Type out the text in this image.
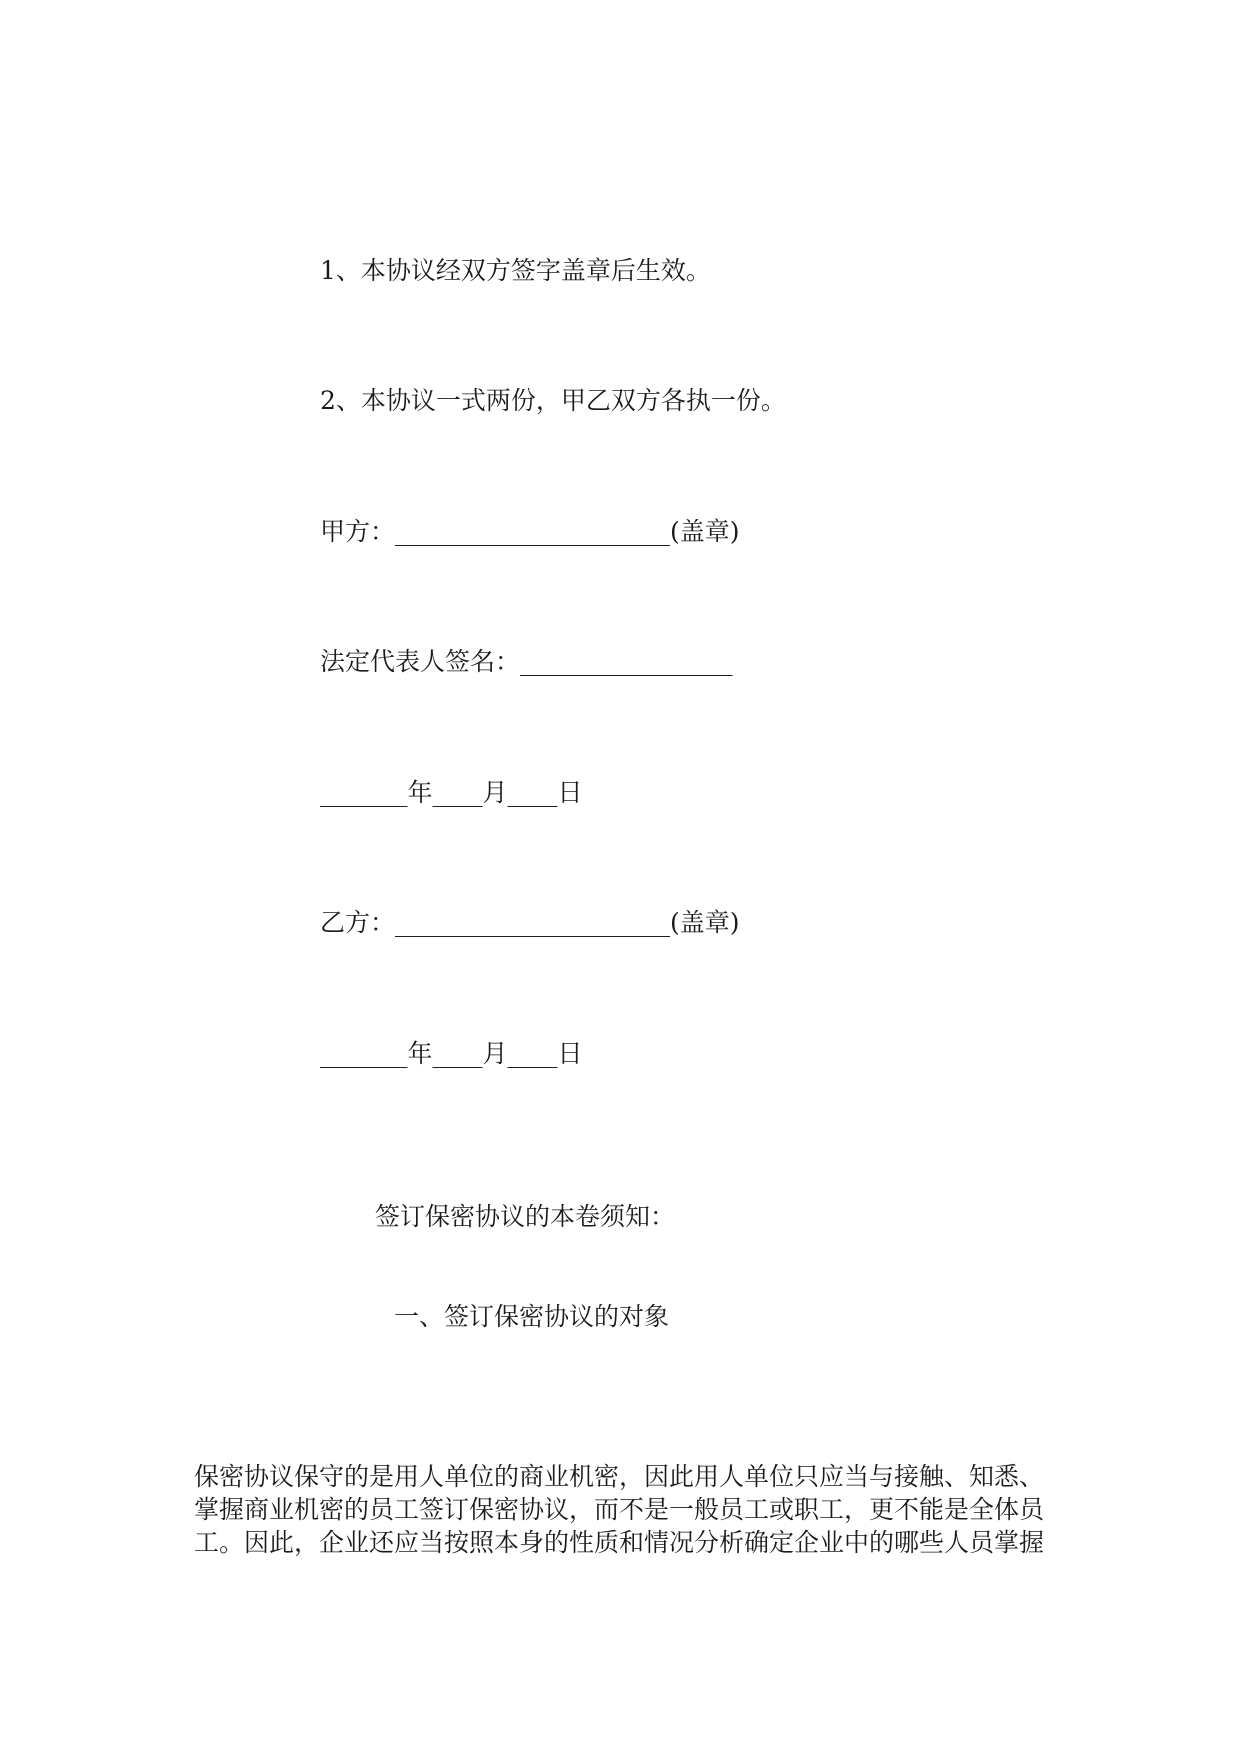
1、本协议经双方签字盖章后生效。
2、本协议一式两份，甲乙双方各执一份。
甲方：______________________(盖章)
法定代表人签名：_________________
_______年____月____日
乙方：______________________(盖章)
_______年____月____日
签订保密协议的本卷须知：
一、签订保密协议的对象
保密协议保守的是用人单位的商业机密，因此用人单位只应当与接触、知悉、
掌握商业机密的员工签订保密协议，而不是一般员工或职工，更不能是全体员
工。因此，企业还应当按照本身的性质和情况分析确定企业中的哪些人员掌握
